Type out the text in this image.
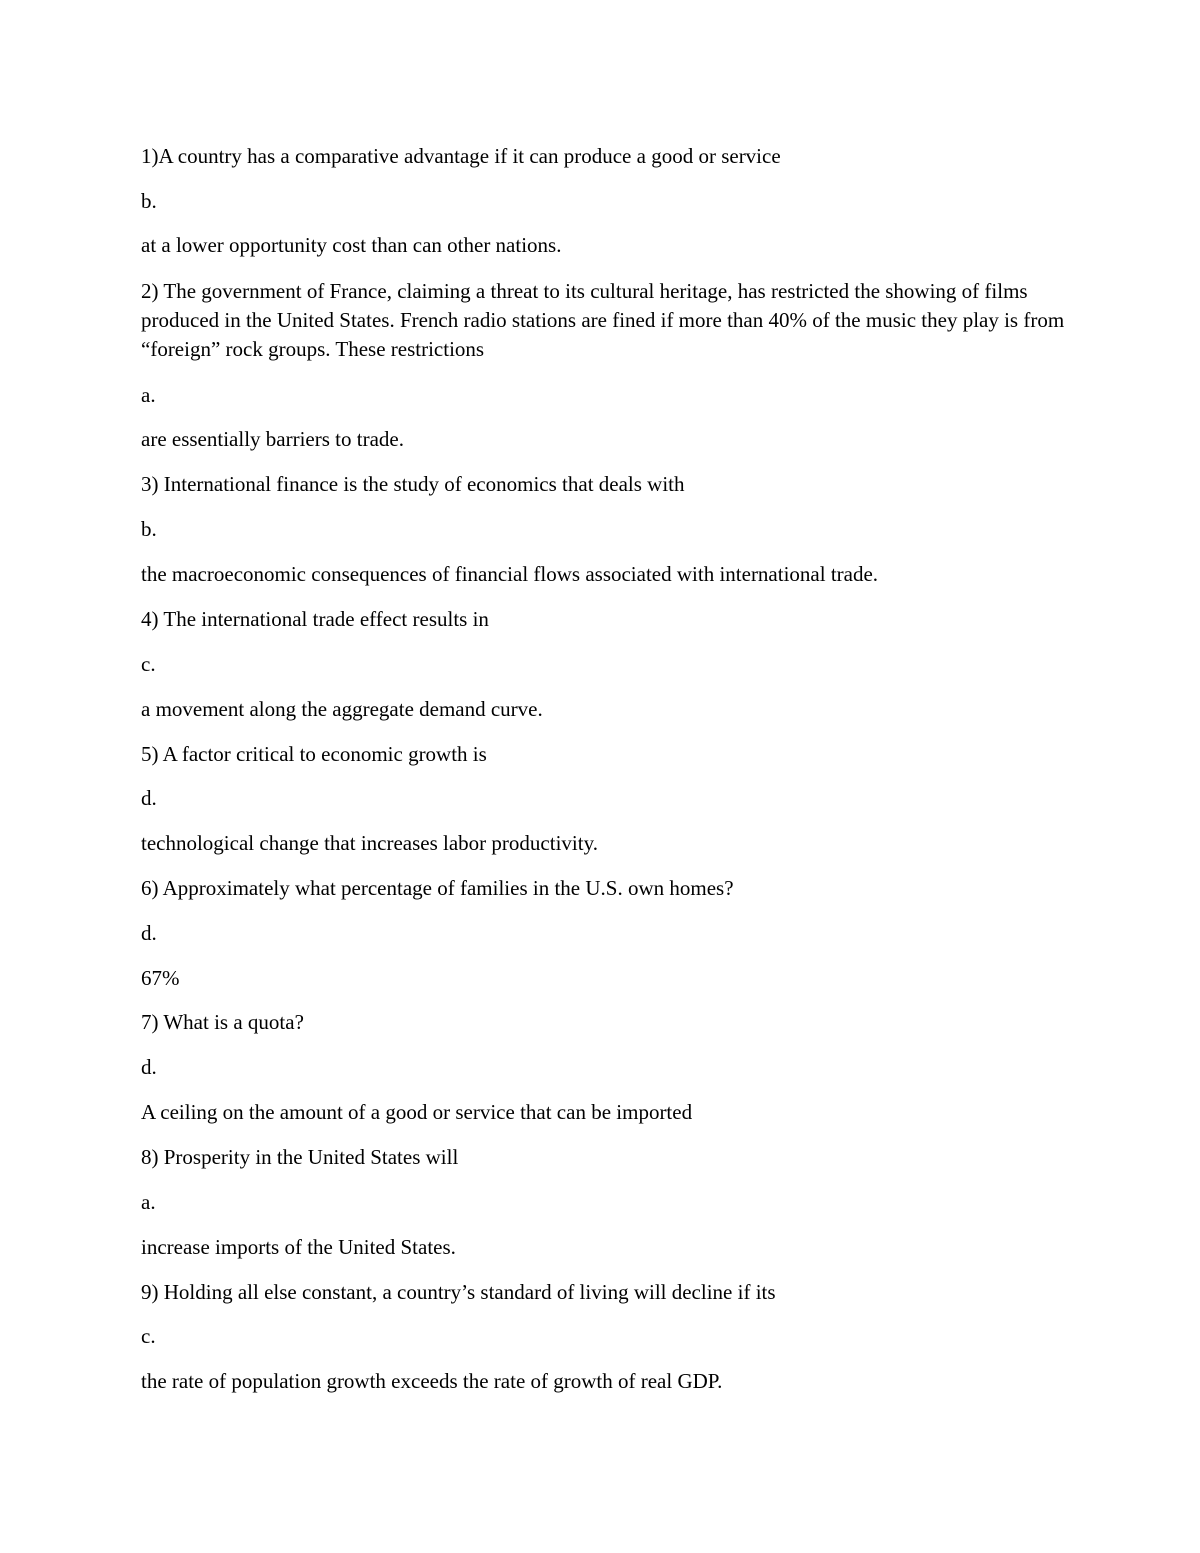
1)A country has a comparative advantage if it can produce a good or service

b.

at a lower opportunity cost than can other nations.

2) The government of France, claiming a threat to its cultural heritage, has restricted the showing of films produced in the United States. French radio stations are fined if more than 40% of the music they play is from “foreign” rock groups. These restrictions

a.

are essentially barriers to trade.

3) International finance is the study of economics that deals with

b.

the macroeconomic consequences of financial flows associated with international trade.

4) The international trade effect results in

c.

a movement along the aggregate demand curve.

5) A factor critical to economic growth is

d.

technological change that increases labor productivity.

6) Approximately what percentage of families in the U.S. own homes?

d.

67%

7) What is a quota?

d.

A ceiling on the amount of a good or service that can be imported

8) Prosperity in the United States will

a.

increase imports of the United States.

9) Holding all else constant, a country’s standard of living will decline if its

c.

the rate of population growth exceeds the rate of growth of real GDP.
